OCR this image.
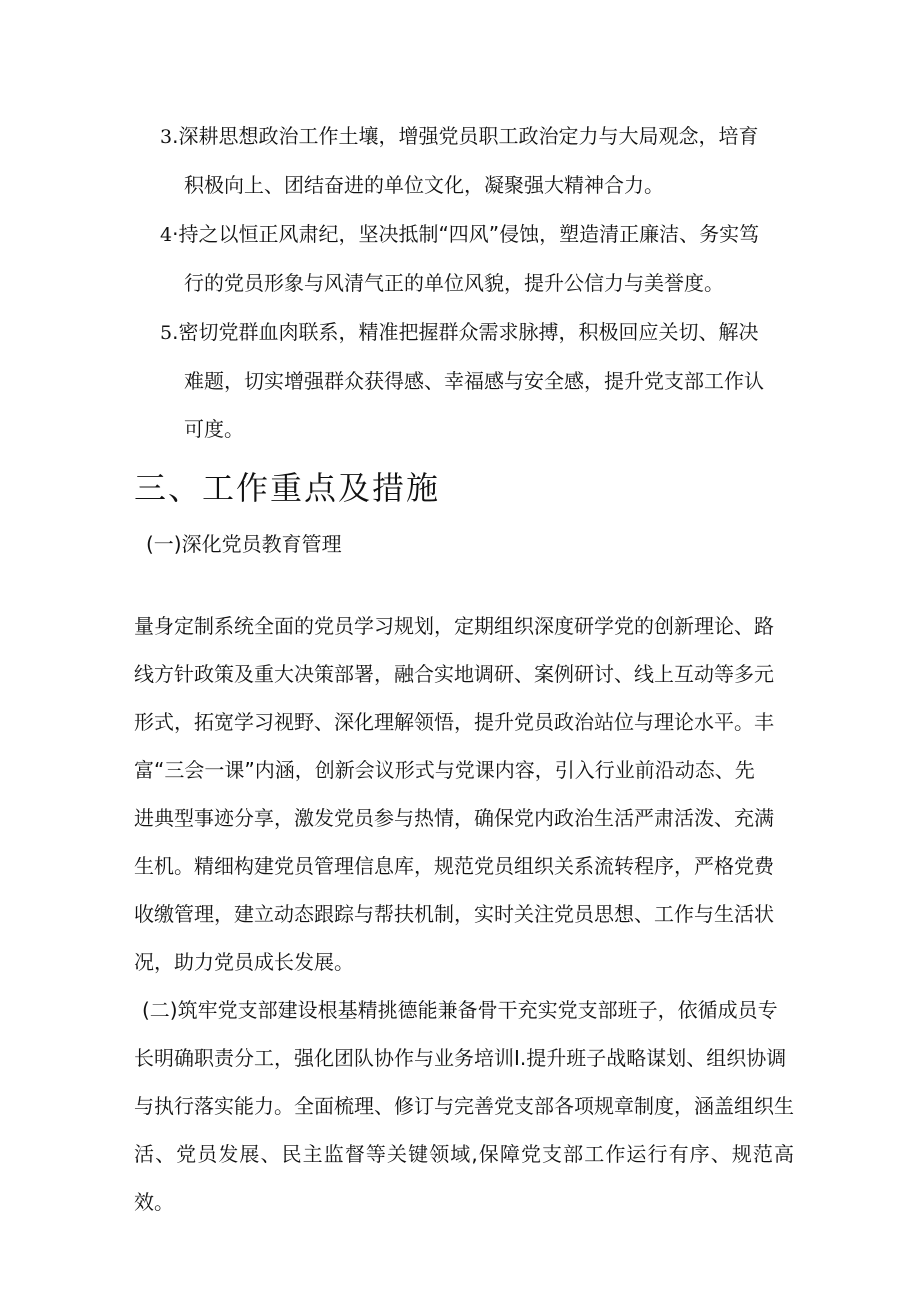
3.深耕思想政治工作土壤，增强党员职工政治定力与大局观念，培育
积极向上、团结奋进的单位文化，凝聚强大精神合力。
4·持之以恒正风肃纪，坚决抵制“四风”侵蚀，塑造清正廉洁、务实笃
行的党员形象与风清气正的单位风貌，提升公信力与美誉度。
5.密切党群血肉联系，精准把握群众需求脉搏，积极回应关切、解决
难题，切实增强群众获得感、幸福感与安全感，提升党支部工作认
可度。
三、工作重点及措施
(一)深化党员教育管理
量身定制系统全面的党员学习规划，定期组织深度研学党的创新理论、路
线方针政策及重大决策部署，融合实地调研、案例研讨、线上互动等多元
形式，拓宽学习视野、深化理解领悟，提升党员政治站位与理论水平。丰
富“三会一课”内涵，创新会议形式与党课内容，引入行业前沿动态、先
进典型事迹分享，激发党员参与热情，确保党内政治生活严肃活泼、充满
生机。精细构建党员管理信息库，规范党员组织关系流转程序，严格党费
收缴管理，建立动态跟踪与帮扶机制，实时关注党员思想、工作与生活状
况，助力党员成长发展。
(二)筑牢党支部建设根基精挑德能兼备骨干充实党支部班子，依循成员专
长明确职责分工，强化团队协作与业务培训I.提升班子战略谋划、组织协调
与执行落实能力。全面梳理、修订与完善党支部各项规章制度，涵盖组织生
活、党员发展、民主监督等关键领域,保障党支部工作运行有序、规范高效。
